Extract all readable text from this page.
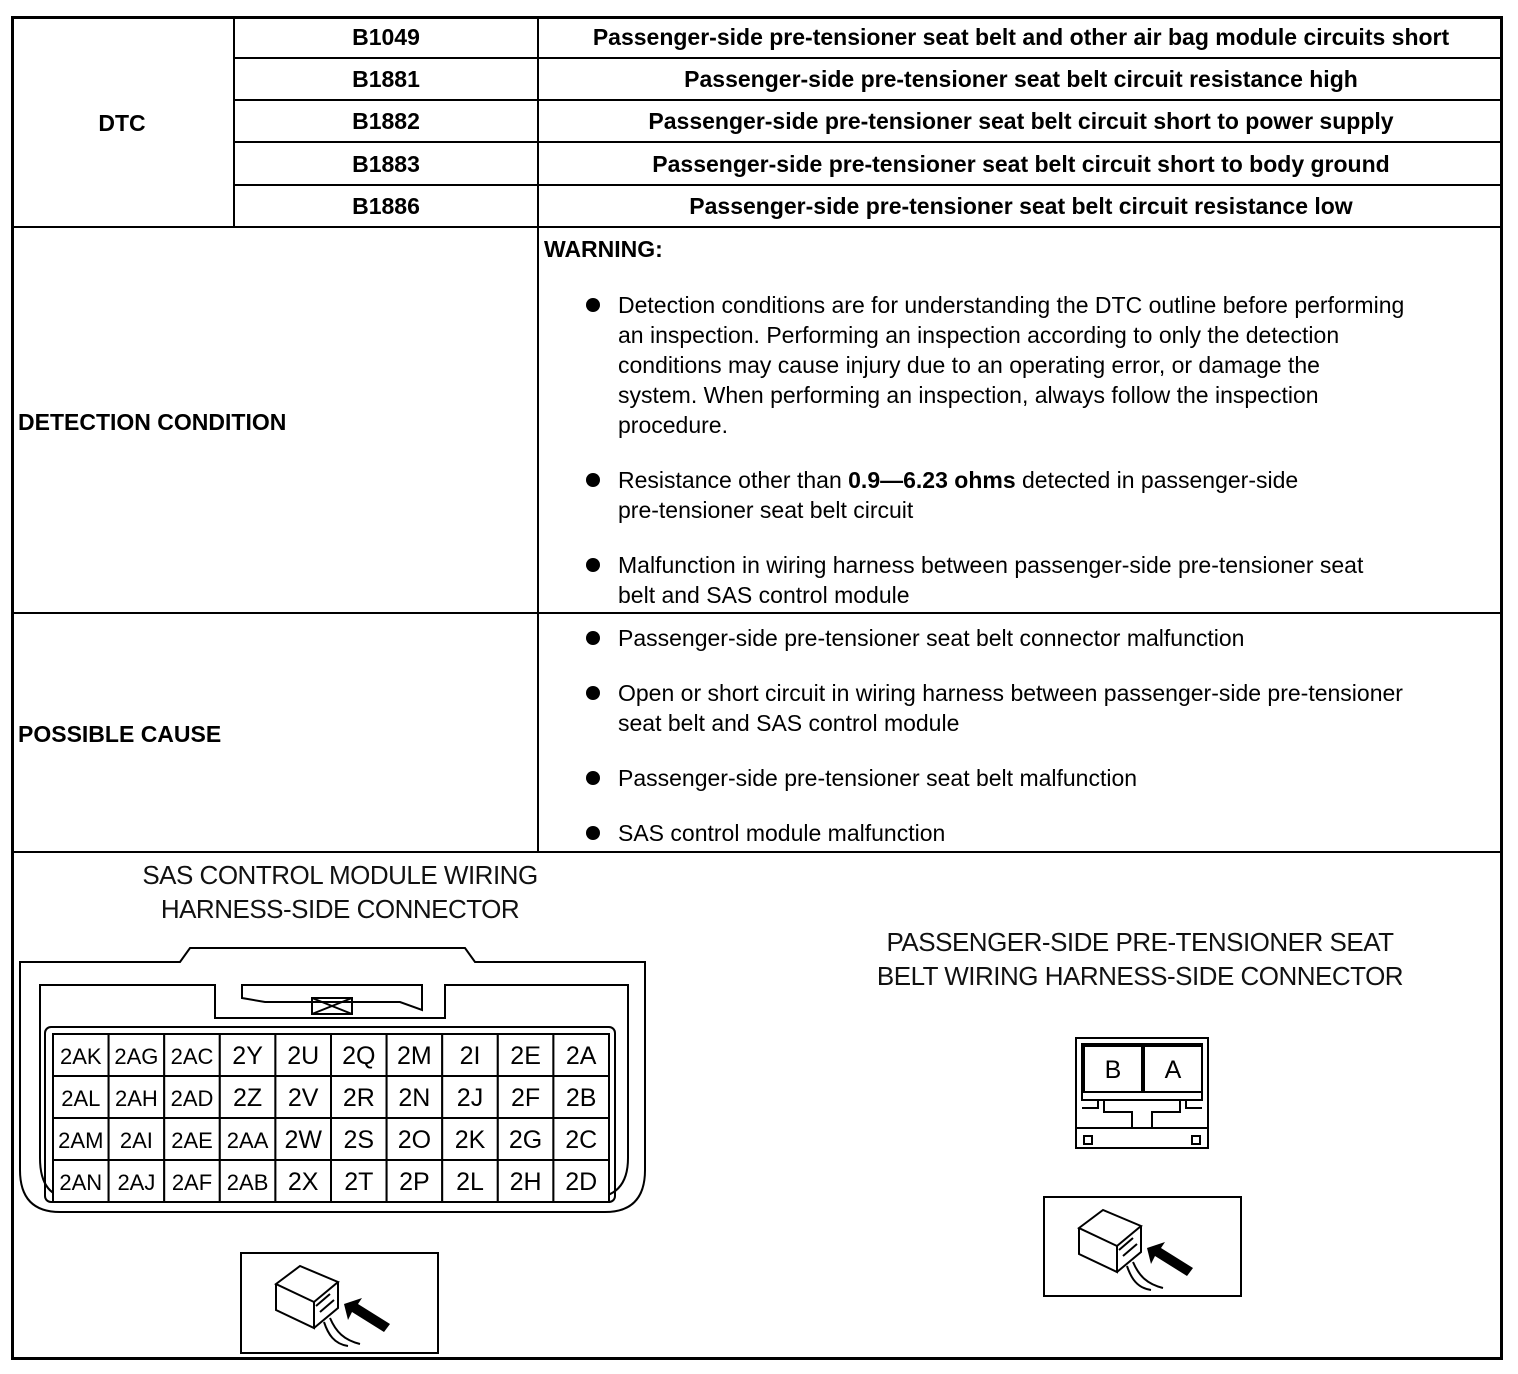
DTC
B1049	Passenger-side pre-tensioner seat belt and other air bag module circuits short
B1881	Passenger-side pre-tensioner seat belt circuit resistance high
B1882	Passenger-side pre-tensioner seat belt circuit short to power supply
B1883	Passenger-side pre-tensioner seat belt circuit short to body ground
B1886	Passenger-side pre-tensioner seat belt circuit resistance low
DETECTION CONDITION
WARNING:
Detection conditions are for understanding the DTC outline before performing
an inspection. Performing an inspection according to only the detection
conditions may cause injury due to an operating error, or damage the
system. When performing an inspection, always follow the inspection
procedure.
Resistance other than 0.9—6.23 ohms detected in passenger-side
pre-tensioner seat belt circuit
Malfunction in wiring harness between passenger-side pre-tensioner seat
belt and SAS control module
POSSIBLE CAUSE
Passenger-side pre-tensioner seat belt connector malfunction
Open or short circuit in wiring harness between passenger-side pre-tensioner
seat belt and SAS control module
Passenger-side pre-tensioner seat belt malfunction
SAS control module malfunction
SAS CONTROL MODULE WIRING
HARNESS-SIDE CONNECTOR
2AK 2AG 2AC 2Y 2U 2Q 2M 2I 2E 2A
2AL 2AH 2AD 2Z 2V 2R 2N 2J 2F 2B
2AM 2AI 2AE 2AA 2W 2S 2O 2K 2G 2C
2AN 2AJ 2AF 2AB 2X 2T 2P 2L 2H 2D
PASSENGER-SIDE PRE-TENSIONER SEAT
BELT WIRING HARNESS-SIDE CONNECTOR
B A
